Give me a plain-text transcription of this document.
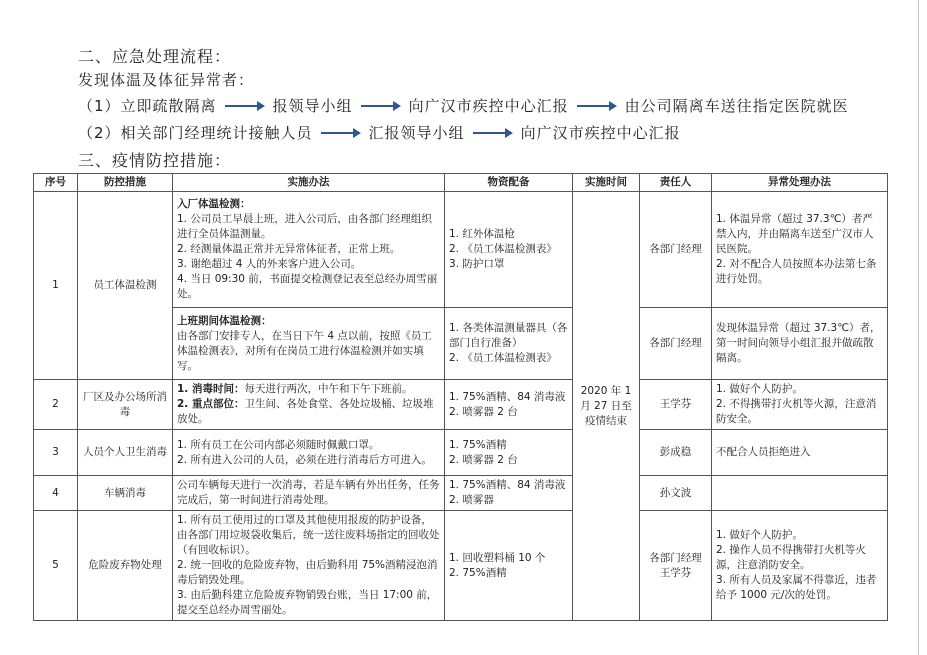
二、应急处理流程：
发现体温及体征异常者：
（1）立即疏散隔离	报领导小组	向广汉市疾控中心汇报	由公司隔离车送往指定医院就医
（2）相关部门经理统计接触人员	汇报领导小组	向广汉市疾控中心汇报
三、疫情防控措施：
序号	防控措施	实施办法	物资配备	实施时间	责任人	异常处理办法
1	员工体温检测	入厂体温检测：
1. 公司员工早晨上班，进入公司后，由各部门经理组织进行全员体温测量。
2. 经测量体温正常并无异常体征者，正常上班。
3. 谢绝超过 4 人的外来客户进入公司。
4. 当日 09:30 前，书面提交检测登记表至总经办周雪丽处。	1. 红外体温枪
2. 《员工体温检测表》
3. 防护口罩	2020 年 1 月 27 日至疫情结束	各部门经理	1. 体温异常（超过 37.3℃）者严禁入内，并由隔离车送至广汉市人民医院。
2. 对不配合人员按照本办法第七条进行处罚。

		上班期间体温检测：
由各部门安排专人，在当日下午 4 点以前，按照《员工体温检测表》，对所有在岗员工进行体温检测并如实填写。	1. 各类体温测量器具（各部门自行准备）
2. 《员工体温检测表》		各部门经理	发现体温异常（超过 37.3℃）者，第一时间向领导小组汇报并做疏散隔离。
2	厂区及办公场所消毒	1. 消毒时间：每天进行两次，中午和下午下班前。
2. 重点部位：卫生间、各处食堂、各处垃圾桶、垃圾堆放处。	1. 75%酒精、84 消毒液
2. 喷雾器 2 台		王学芬	1. 做好个人防护。
2. 不得携带打火机等火源，注意消防安全。

3	人员个人卫生消毒	1. 所有员工在公司内部必须随时佩戴口罩。
2. 所有进入公司的人员，必须在进行消毒后方可进入。	1. 75%酒精
2. 喷雾器 2 台		彭成稳	不配合人员拒绝进入
4	车辆消毒	公司车辆每天进行一次消毒，若是车辆有外出任务，任务完成后，第一时间进行消毒处理。	1. 75%酒精、84 消毒液
2. 喷雾器		孙文波	
5	危险废弃物处理	1. 所有员工使用过的口罩及其他使用报废的防护设备，由各部门用垃圾袋收集后，统一送往废料场指定的回收处（有回收标识）。
2. 统一回收的危险废弃物，由后勤科用 75%酒精浸泡消毒后销毁处理。
3. 由后勤科建立危险废弃物销毁台账，当日 17:00 前，提交至总经办周雪丽处。	1. 回收塑料桶 10 个
2. 75%酒精		各部门经理
王学芬	1. 做好个人防护。
2. 操作人员不得携带打火机等火源，注意消防安全。
3. 所有人员及家属不得靠近，违者给予 1000 元/次的处罚。
